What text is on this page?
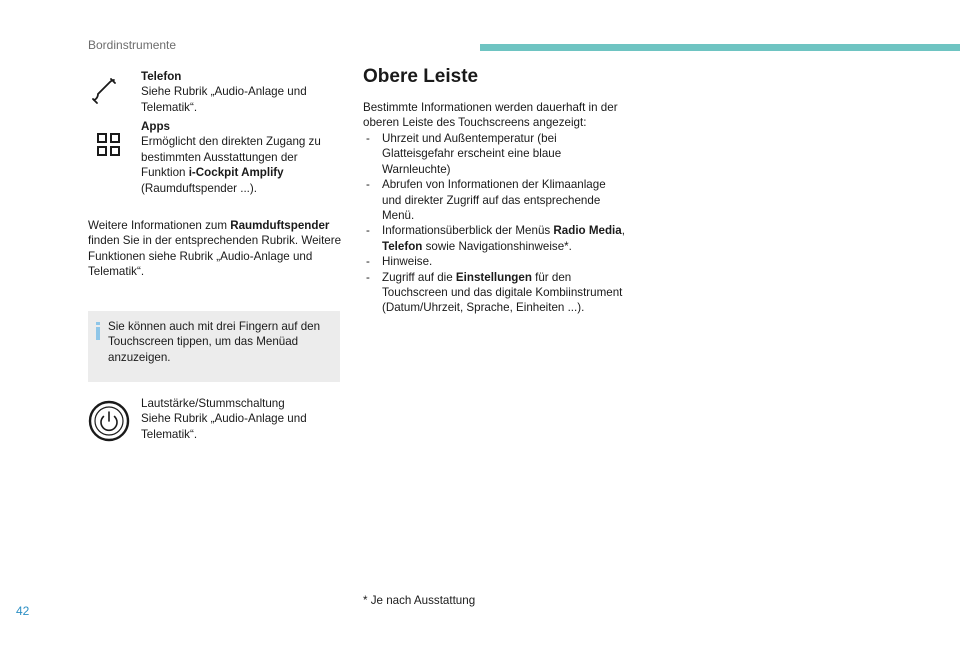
Bordinstrumente
Telefon
Siehe Rubrik „Audio-Anlage und Telematik“.
Apps
Ermöglicht den direkten Zugang zu bestimmten Ausstattungen der Funktion i-Cockpit Amplify (Raumduftspender ...).
Weitere Informationen zum Raumduftspender finden Sie in der entsprechenden Rubrik. Weitere Funktionen siehe Rubrik „Audio-Anlage und Telematik“.
Sie können auch mit drei Fingern auf den Touchscreen tippen, um das Menüad anzuzeigen.
Lautstärke/Stummschaltung
Siehe Rubrik „Audio-Anlage und Telematik“.
Obere Leiste
Bestimmte Informationen werden dauerhaft in der oberen Leiste des Touchscreens angezeigt:
- Uhrzeit und Außentemperatur (bei Glatteisgefahr erscheint eine blaue Warnleuchte)
- Abrufen von Informationen der Klimaanlage und direkter Zugriff auf das entsprechende Menü.
- Informationsüberblick der Menüs Radio Media, Telefon sowie Navigationshinweise*.
- Hinweise.
- Zugriff auf die Einstellungen für den Touchscreen und das digitale Kombiinstrument (Datum/Uhrzeit, Sprache, Einheiten ...).
* Je nach Ausstattung
42
